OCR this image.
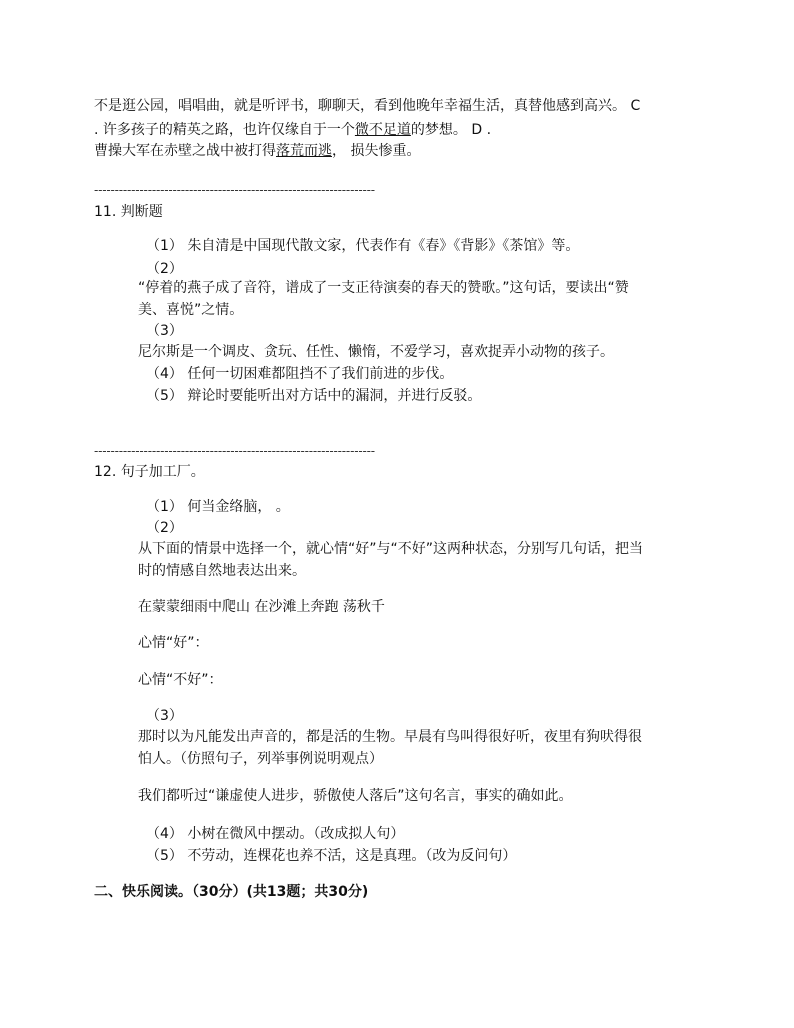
不是逛公园，唱唱曲，就是听评书，聊聊天，看到他晚年幸福生活，真替他感到高兴。 C
. 许多孩子的精英之路，也许仅缘自于一个微不足道的梦想。 D .
曹操大军在赤壁之战中被打得落荒而逃， 损失惨重。
--------------------------------------------------------------------
11. 判断题
（1） 朱自清是中国现代散文家，代表作有《春》《背影》《茶馆》等。
（2）
“停着的燕子成了音符，谱成了一支正待演奏的春天的赞歌。”这句话，要读出“赞
美、喜悦”之情。
（3）
尼尔斯是一个调皮、贪玩、任性、懒惰，不爱学习，喜欢捉弄小动物的孩子。
（4） 任何一切困难都阻挡不了我们前进的步伐。
（5） 辩论时要能听出对方话中的漏洞，并进行反驳。
--------------------------------------------------------------------
12. 句子加工厂。
（1） 何当金络脑， 。
（2）
从下面的情景中选择一个，就心情“好”与“不好”这两种状态，分别写几句话，把当
时的情感自然地表达出来。
在蒙蒙细雨中爬山 在沙滩上奔跑 荡秋千
心情“好”：
心情“不好”：
（3）
那时以为凡能发出声音的，都是活的生物。早晨有鸟叫得很好听，夜里有狗吠得很
怕人。（仿照句子，列举事例说明观点）
我们都听过“谦虚使人进步，骄傲使人落后”这句名言，事实的确如此。
（4） 小树在微风中摆动。（改成拟人句）
（5） 不劳动，连棵花也养不活，这是真理。（改为反问句）
二、快乐阅读。（30分）(共13题；共30分)
